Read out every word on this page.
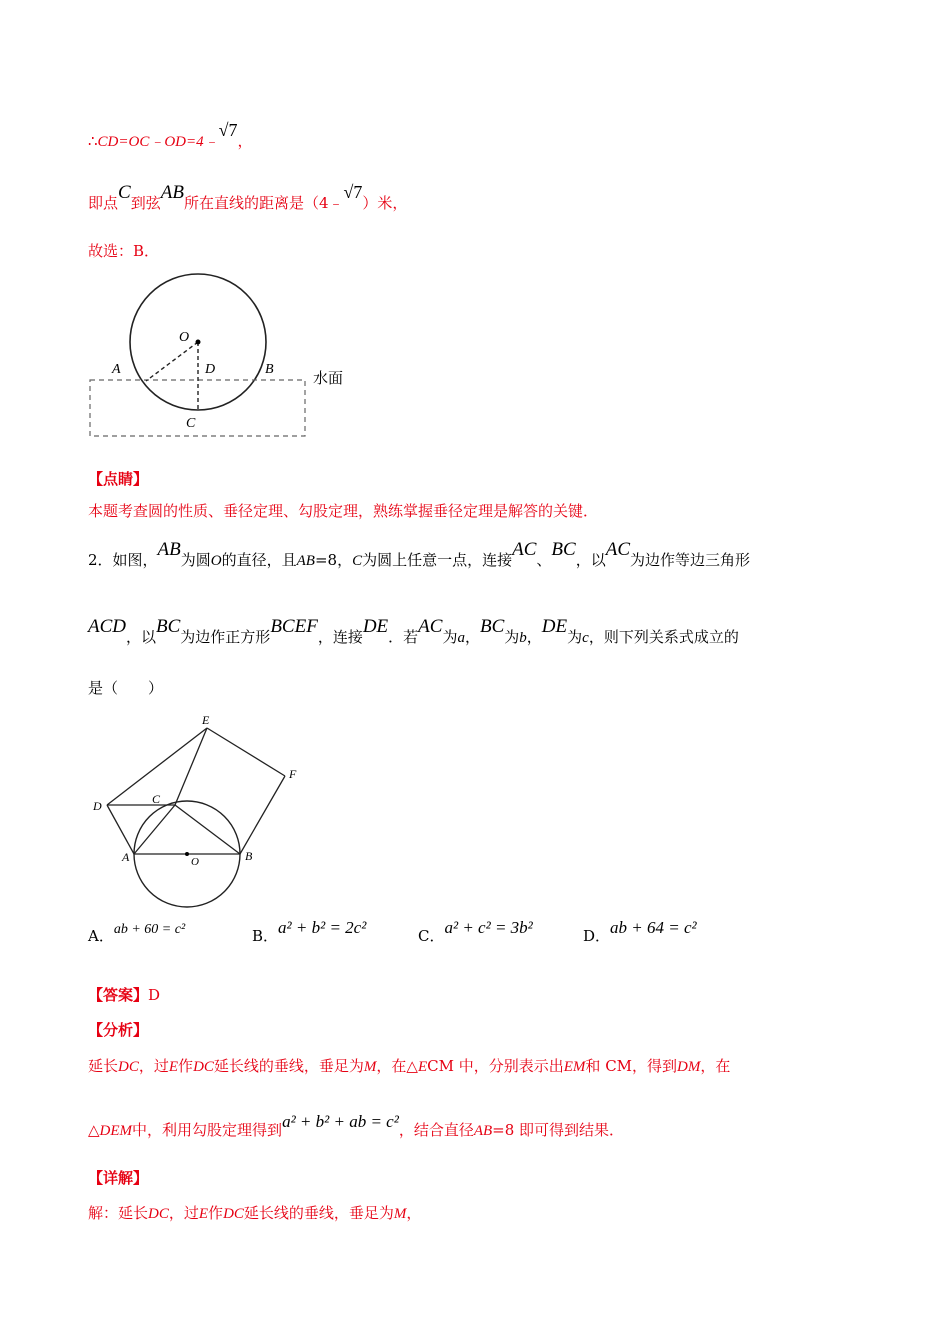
∴CD=OC﹣OD=4﹣√7，
即点C到弦AB所在直线的距离是（4﹣√7）米，
故选：B．
O
A	D	B
C
水面
【点睛】
本题考查圆的性质、垂径定理、勾股定理，熟练掌握垂径定理是解答的关键．
2．如图，AB为圆O的直径，且AB=8，C为圆上任意一点，连接AC、BC，以AC为边作等边三角形
ACD，以BC为边作正方形BCEF，连接DE．若AC为a，BC为b，DE为c，则下列关系式成立的
是（　　）
E
F
D	C
A	O	B
A．ab + 60 = c²	B．a² + b² = 2c²	C．a² + c² = 3b²	D．ab + 64 = c²
【答案】D
【分析】
延长DC，过E作DC延长线的垂线，垂足为M，在△ECM 中，分别表示出EM和 CM，得到DM，在
△DEM中，利用勾股定理得到a² + b² + ab = c²，结合直径AB=8 即可得到结果．
【详解】
解：延长DC，过E作DC延长线的垂线，垂足为M，
